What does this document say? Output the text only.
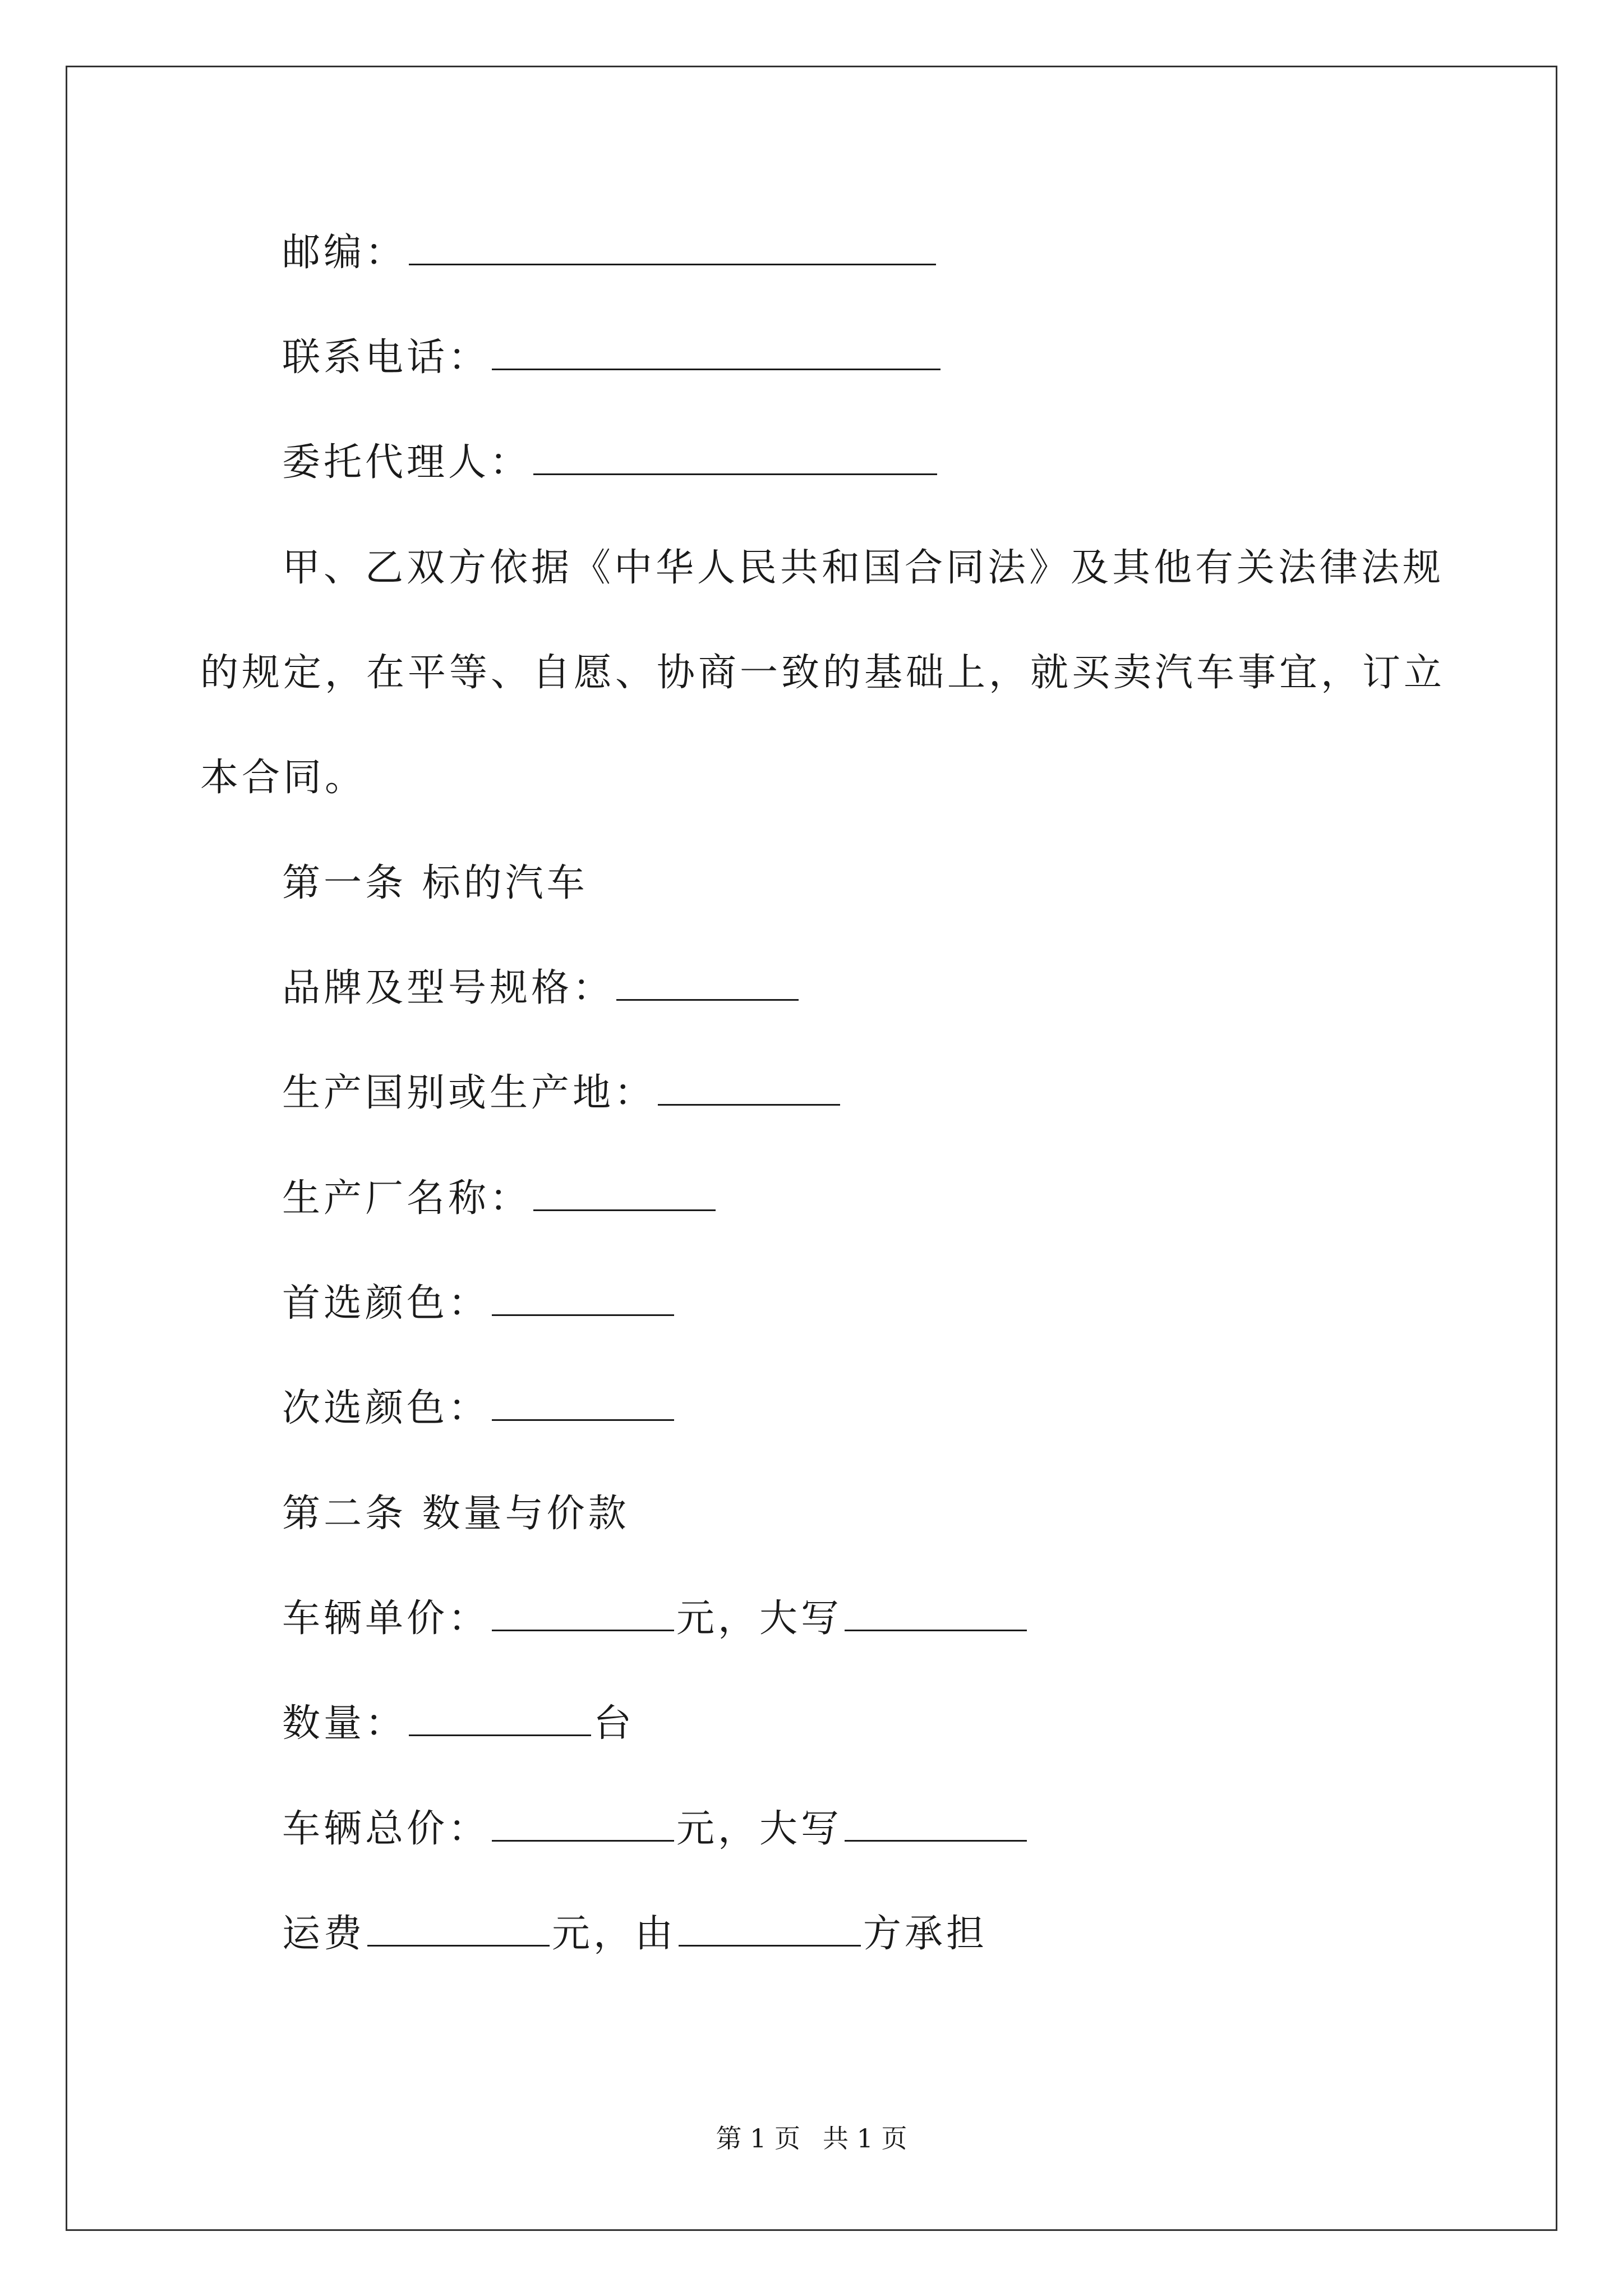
邮编：
联系电话：
委托代理人：
甲、乙双方依据《中华人民共和国合同法》及其他有关法律法规
的规定，在平等、自愿、协商一致的基础上，就买卖汽车事宜，订立
本合同。
第一条 标的汽车
品牌及型号规格：
生产国别或生产地：
生产厂名称：
首选颜色：
次选颜色：
第二条 数量与价款
车辆单价：	元，大写
数量：	台
车辆总价：	元，大写
运费	元，由	方承担
第 1 页 共 1 页
